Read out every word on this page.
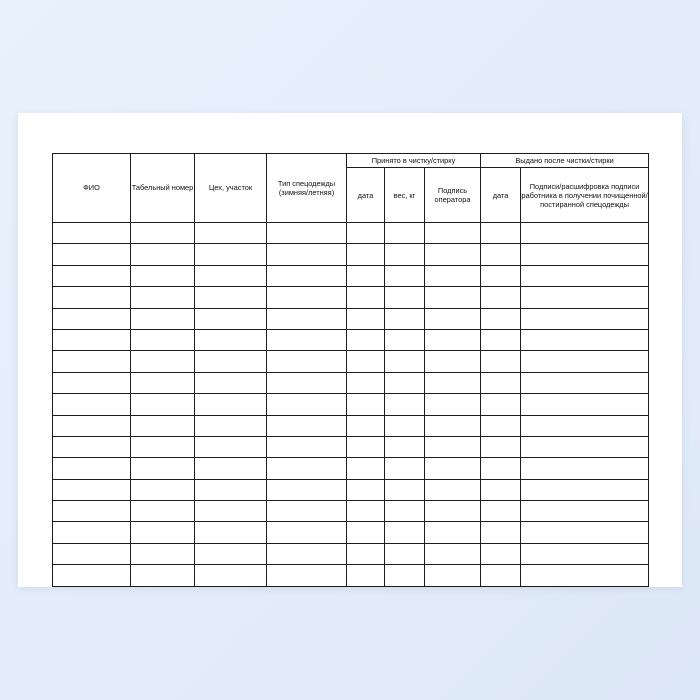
ФИО	Табельный номер	Цех, участок	Тип спецодежды (зимняя/летняя)	Принято в чистку/стирку			Выдано после чистки/стирки	
				дата	вес, кг	Подпись оператора	дата	Подписи/расшифровка подписи работника в получении почищенной/постиранной спецодежды
